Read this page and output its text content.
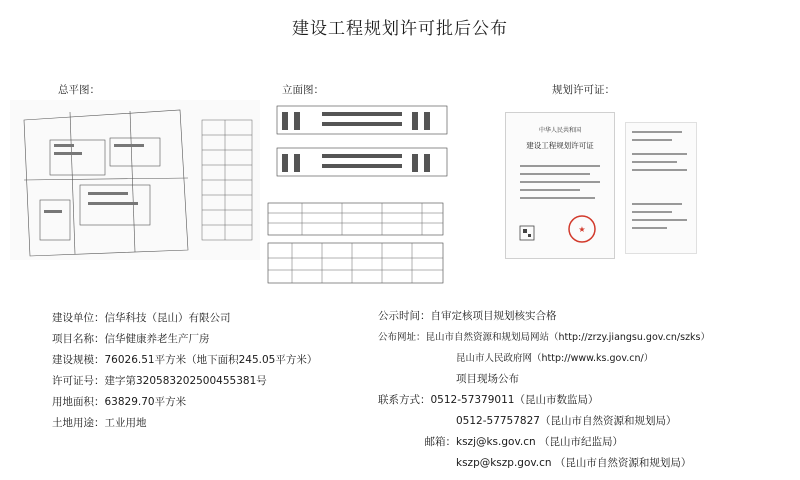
建设工程规划许可批后公布
总平图：	立面图：	规划许可证：
中华人民共和国
建设工程规划许可证
★
建设单位：信华科技（昆山）有限公司
项目名称：信华健康养老生产厂房
建设规模：76026.51平方米（地下面积245.05平方米）
许可证号：建字第320583202500455381号
用地面积：63829.70平方米
土地用途：工业用地
公示时间：自审定核项目规划核实合格
公布网址：昆山市自然资源和规划局网站（http://zrzy.jiangsu.gov.cn/szks）
昆山市人民政府网（http://www.ks.gov.cn/）
项目现场公布
联系方式：0512-57379011（昆山市数监局）
0512-57757827（昆山市自然资源和规划局）
邮箱：kszj@ks.gov.cn （昆山市纪监局）
kszp@kszp.gov.cn （昆山市自然资源和规划局）
